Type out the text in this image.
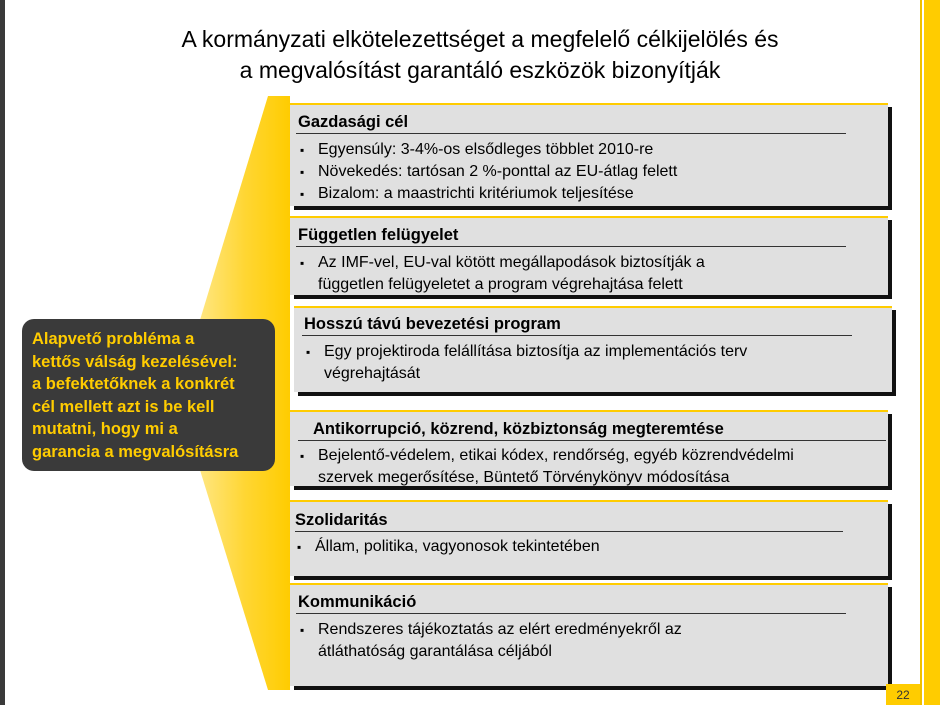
A kormányzati elkötelezettséget a megfelelő célkijelölés és
a megvalósítást garantáló eszközök bizonyítják
Alapvető probléma a
kettős válság kezelésével:
a befektetőknek a konkrét
cél mellett azt is be kell
mutatni, hogy mi a
garancia a megvalósításra
Gazdasági cél
▪ Egyensúly: 3-4%-os elsődleges többlet 2010-re
▪ Növekedés: tartósan 2 %-ponttal az EU-átlag felett
▪ Bizalom: a maastrichti kritériumok teljesítése
Független felügyelet
▪ Az IMF-vel, EU-val kötött megállapodások biztosítják a
független felügyeletet a program végrehajtása felett
Hosszú távú bevezetési program
▪ Egy projektiroda felállítása biztosítja az implementációs terv
végrehajtását
Antikorrupció, közrend, közbiztonság megteremtése
▪ Bejelentő-védelem, etikai kódex, rendőrség, egyéb közrendvédelmi
szervek megerősítése, Büntető Törvénykönyv módosítása
Szolidaritás
▪ Állam, politika, vagyonosok tekintetében
Kommunikáció
▪ Rendszeres tájékoztatás az elért eredményekről az
átláthatóság garantálása céljából
22
